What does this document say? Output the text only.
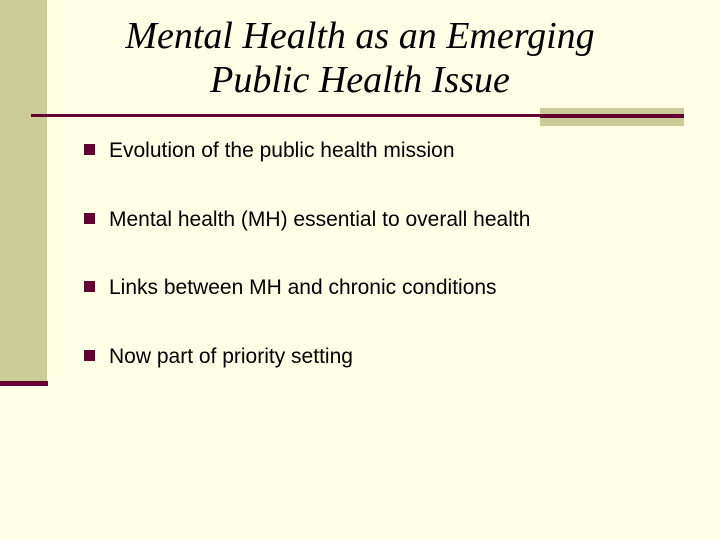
Mental Health as an Emerging
Public Health Issue
Evolution of the public health mission
Mental health (MH) essential to overall health
Links between MH and chronic conditions
Now part of priority setting
